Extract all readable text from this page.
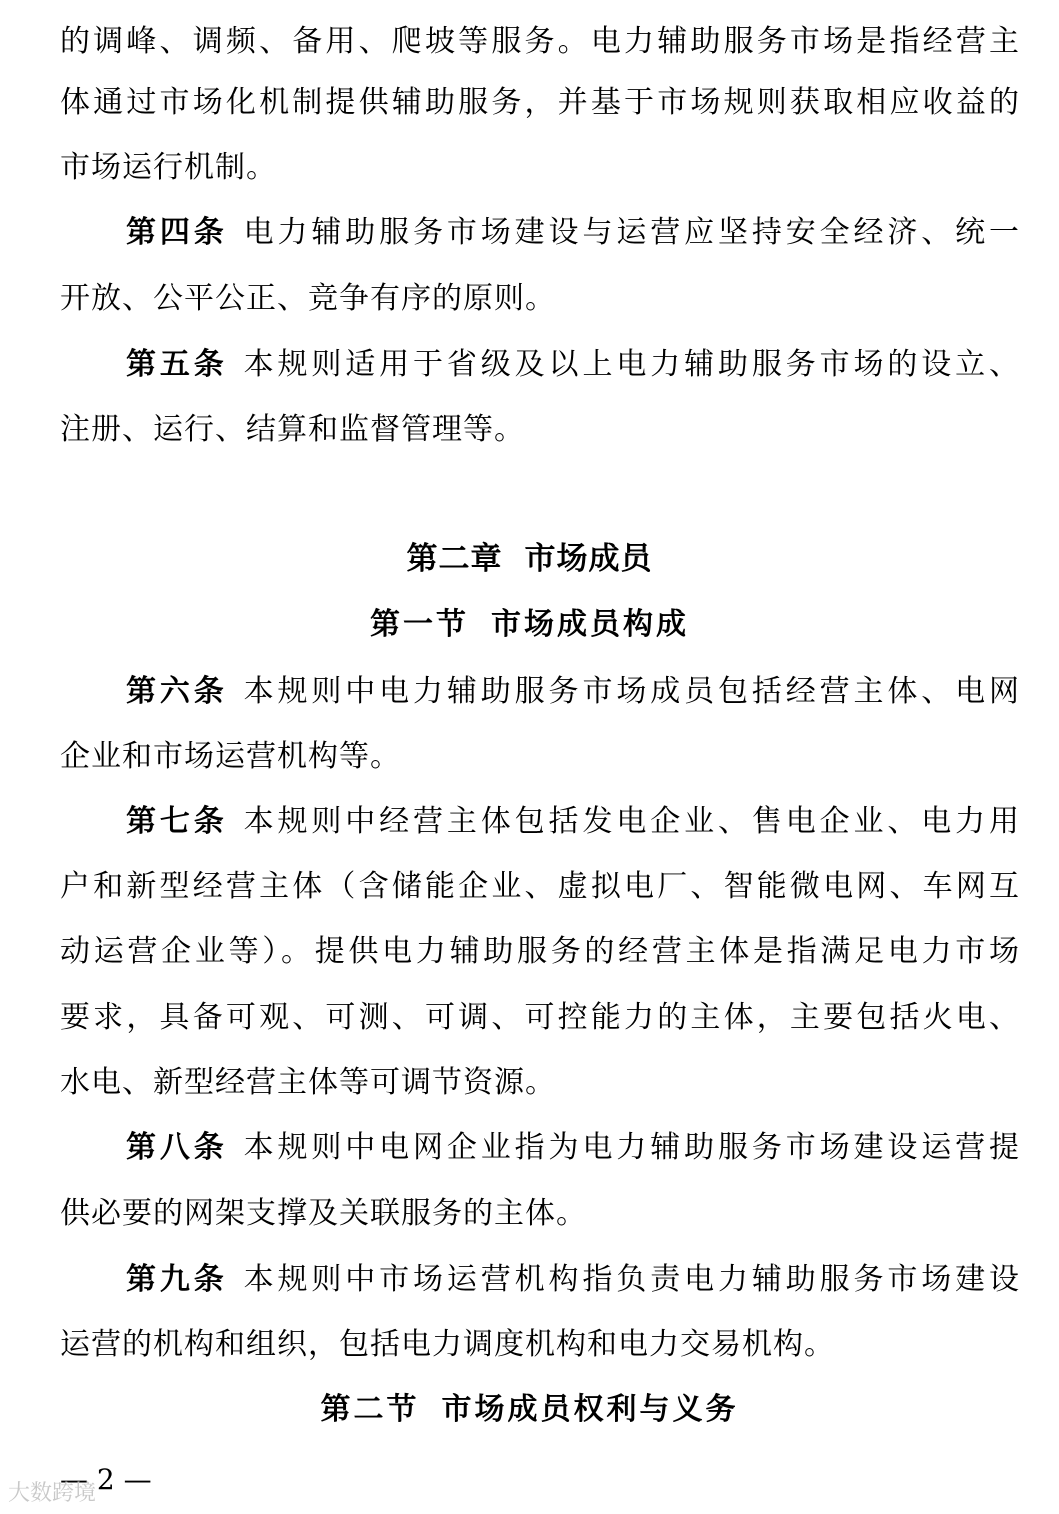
的调峰、调频、备用、爬坡等服务。电力辅助服务市场是指经营主
体通过市场化机制提供辅助服务，并基于市场规则获取相应收益的
市场运行机制。
第四条 电力辅助服务市场建设与运营应坚持安全经济、统一
开放、公平公正、竞争有序的原则。
第五条 本规则适用于省级及以上电力辅助服务市场的设立、
注册、运行、结算和监督管理等。
第二章 市场成员
第一节 市场成员构成
第六条 本规则中电力辅助服务市场成员包括经营主体、电网
企业和市场运营机构等。
第七条 本规则中经营主体包括发电企业、售电企业、电力用
户和新型经营主体（含储能企业、虚拟电厂、智能微电网、车网互
动运营企业等）。提供电力辅助服务的经营主体是指满足电力市场
要求，具备可观、可测、可调、可控能力的主体，主要包括火电、
水电、新型经营主体等可调节资源。
第八条 本规则中电网企业指为电力辅助服务市场建设运营提
供必要的网架支撑及关联服务的主体。
第九条 本规则中市场运营机构指负责电力辅助服务市场建设
运营的机构和组织，包括电力调度机构和电力交易机构。
第二节 市场成员权利与义务
— 2 —
大数跨境
